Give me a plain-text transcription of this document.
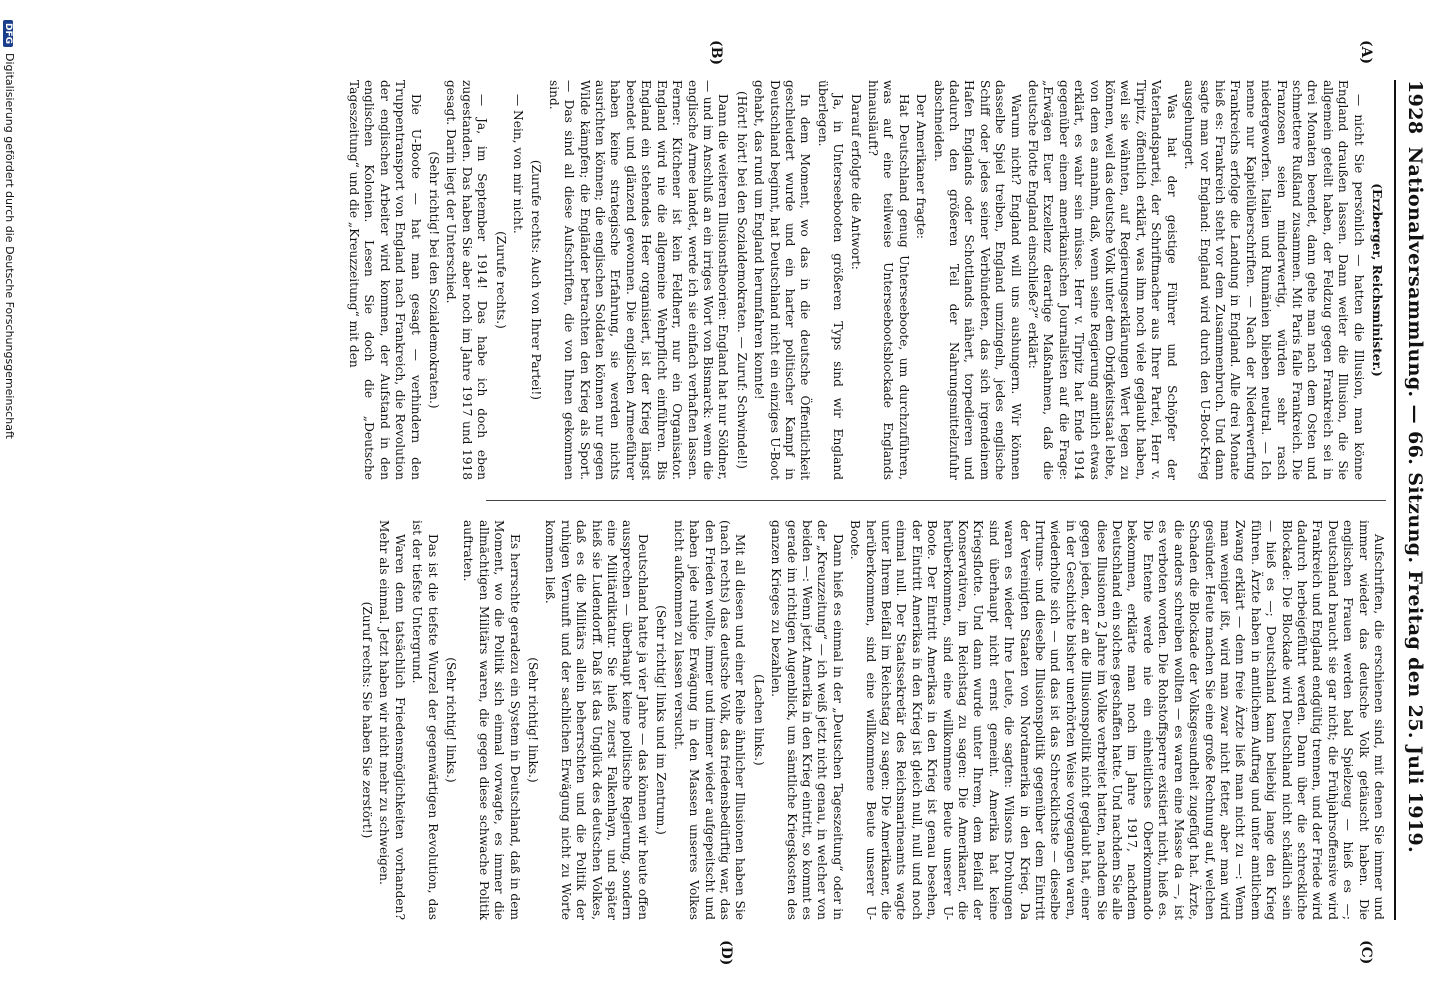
1928
Nationalversammlung. — 66. Sitzung. Freitag den 25. Juli 1919.
(A)
(B)
(C)
(D)

(Erzberger, Reichsminister.)

— nicht Sie persönlich — hatten die Illusion, man könne England draußen lassen. Dann weiter die Illusion, die Sie allgemein geteilt haben, der Feldzug gegen Frankreich sei in drei Monaten beendet, dann gehe man nach dem Osten und schmettere Rußland zusammen. Mit Paris falle Frankreich. Die Franzosen seien minderwertig, würden sehr rasch niedergeworfen. Italien und Rumänien blieben neutral. — Ich nenne nur Kapitelüberschriften. — Nach der Niederwerfung Frankreichs erfolge die Landung in England. Alle drei Monate hieß es: Frankreich steht vor dem Zusammenbruch. Und dann sagte man vor England: England wird durch den U-Boot-Krieg ausgehungert.

Was hat der geistige Führer und Schöpfer der Vaterlandspartei, der Schriftmacher aus Ihrer Partei, Herr v. Tirpitz, öffentlich erklärt, was ihm noch viele geglaubt haben, weil sie wähnten, auf Regierungserklärungen Wert legen zu können, weil das deutsche Volk unter dem Obrigkeitsstaat lebte, von dem es annahm, daß, wenn seine Regierung amtlich etwas erklärt, es wahr sein müsse. Herr v. Tirpitz hat Ende 1914 gegenüber einem amerikanischen Journalisten auf die Frage: „Erwägen Euer Exzellenz derartige Maßnahmen, daß die deutsche Flotte England einschließe?“ erklärt:

Warum nicht? England will uns aushungern. Wir können dasselbe Spiel treiben, England umzingeln, jedes englische Schiff oder jedes seiner Verbündeten, das sich irgendeinem Hafen Englands oder Schottlands nähert, torpedieren und dadurch den größeren Teil der Nahrungsmittelzufuhr abschneiden.

Der Amerikaner fragte:

Hat Deutschland genug Unterseeboote, um durchzuführen, was auf eine teilweise Unterseebootsblockade Englands hinausläuft?

Darauf erfolgte die Antwort:

Ja, in Unterseebooten größeren Typs sind wir England überlegen.

In dem Moment, wo das in die deutsche Öffentlichkeit geschleudert wurde und ein harter politischer Kampf in Deutschland beginnt, hat Deutschland nicht ein einziges U-Boot gehabt, das rund um England herumfahren konnte!

(Hört! hört! bei den Sozialdemokraten. — Zuruf: Schwindel!)

Dann die weiteren Illusionstheorien: England hat nur Söldner, — und im Anschluß an ein irriges Wort von Bismarck: wenn die englische Armee landet, werde ich sie einfach verhaften lassen. Ferner: Kitchener ist kein Feldherr, nur ein Organisator. England wird nie die allgemeine Wehrpflicht einführen. Bis England ein stehendes Heer organisiert, ist der Krieg längst beendet und glänzend gewonnen. Die englischen Armeeführer haben keine strategische Erfahrung, sie werden nichts ausrichten können; die englischen Soldaten können nur gegen Wilde kämpfen; die Engländer betrachten den Krieg als Sport. — Das sind all diese Aufschriften, die von Ihnen gekommen sind.

(Zurufe rechts: Auch von Ihrer Partei!)

— Nein, von mir nicht.

(Zurufe rechts.)

— Ja, im September 1914! Das habe ich doch eben zugestanden. Das haben Sie aber noch im Jahre 1917 und 1918 gesagt. Darin liegt der Unterschied.

(Sehr richtig! bei den Sozialdemokraten.)

Die U-Boote — hat man gesagt — verhindern den Truppentransport von England nach Frankreich, die Revolution der englischen Arbeiter wird kommen, der Aufstand in den englischen Kolonien. Lesen Sie doch die „Deutsche Tageszeitung“ und die „Kreuzzeitung“ mit den

Aufschriften, die erschienen sind, mit denen Sie immer und immer wieder das deutsche Volk getäuscht haben. Die englischen Frauen werden bald Spielzeug — hieß es —; Deutschland braucht sie gar nicht; die Frühjahrsoffensive wird Frankreich und England endgültig trennen, und der Friede wird dadurch herbeigeführt werden. Dann über die schreckliche Blockade: Die Blockade wird Deutschland nicht schädlich sein — hieß es —; Deutschland kann beliebig lange den Krieg führen. Ärzte haben in amtlichem Auftrag und unter amtlichem Zwang erklärt — denn freie Ärzte ließ man nicht zu —: Wenn man weniger ißt, wird man zwar nicht fetter, aber man wird gesünder. Heute machen Sie eine große Rechnung auf, welchen Schaden die Blockade der Volksgesundheit zugefügt hat. Ärzte, die anders schreiben wollten — es waren eine Masse da —, ist es verboten worden. Die Rohstoffsperre existiert nicht, hieß es. Die Entente werde nie ein einheitliches Oberkommando bekommen, erklärte man noch im Jahre 1917, nachdem Deutschland ein solches geschaffen hatte. Und nachdem Sie alle diese Illusionen 2 Jahre im Volke verbreitet hatten, nachdem Sie gegen jeden, der an die Illusionspolitik nicht geglaubt hat, einer in der Geschichte bisher unerhörten Weise vorgegangen waren, wiederholte sich — und das ist das Schrecklichste — dieselbe Irrtums- und dieselbe Illusionspolitik gegenüber dem Eintritt der Vereinigten Staaten von Nordamerika in den Krieg. Da waren es wieder Ihre Leute, die sagten: Wilsons Drohungen sind überhaupt nicht ernst gemeint. Amerika hat keine Kriegsflotte. Und dann wurde unter Ihrem, dem Beifall der Konservativen, im Reichstag zu sagen: Die Amerikaner, die herüberkommen, sind eine willkommene Beute unserer U-Boote. Der Eintritt Amerikas in den Krieg ist genau besehen, der Eintritt Amerikas in den Krieg ist gleich null, null und noch einmal null. Der Staatssekretär des Reichsmarineamts wagte unter Ihrem Beifall im Reichstag zu sagen: Die Amerikaner, die herüberkommen, sind eine willkommene Beute unserer U-Boote.

Dann hieß es einmal in der „Deutschen Tageszeitung“ oder in der „Kreuzzeitung“ — ich weiß jetzt nicht genau, in welcher von beiden —: Wenn jetzt Amerika in den Krieg eintritt, so kommt es gerade im richtigen Augenblick, um sämtliche Kriegskosten des ganzen Krieges zu bezahlen.

(Lachen links.)

Mit all diesen und einer Reihe ähnlicher Illusionen haben Sie (nach rechts) das deutsche Volk, das friedensbedürftig war, das den Frieden wollte, immer und immer wieder aufgepeitscht und haben jede ruhige Erwägung in den Massen unseres Volkes nicht aufkommen zu lassen versucht.

(Sehr richtig! links und im Zentrum.)

Deutschland hatte ja vier Jahre — das können wir heute offen aussprechen — überhaupt keine politische Regierung, sondern eine Militärdiktatur. Sie hieß zuerst Falkenhayn, und später hieß sie Ludendorff. Daß ist das Unglück des deutschen Volkes, daß es die Militärs allein beherrschten und die Politik der ruhigen Vernunft und der sachlichen Erwägung nicht zu Worte kommen ließ.

(Sehr richtig! links.)

Es herrschte geradezu ein System in Deutschland, daß in dem Moment, wo die Politik sich einmal vorwagte, es immer die allmächtigen Militärs waren, die gegen diese schwache Politik auftraten.

(Sehr richtig! links.)

Das ist die tiefste Wurzel der gegenwärtigen Revolution, das ist der tiefste Untergrund.

Waren denn tatsächlich Friedensmöglichkeiten vorhanden? Mehr als einmal. Jetzt haben wir nicht mehr zu schweigen.

(Zuruf rechts: Sie haben Sie zerstört!)

DFGDigitalisierung gefördert durch die Deutsche Forschungsgemeinschaft
